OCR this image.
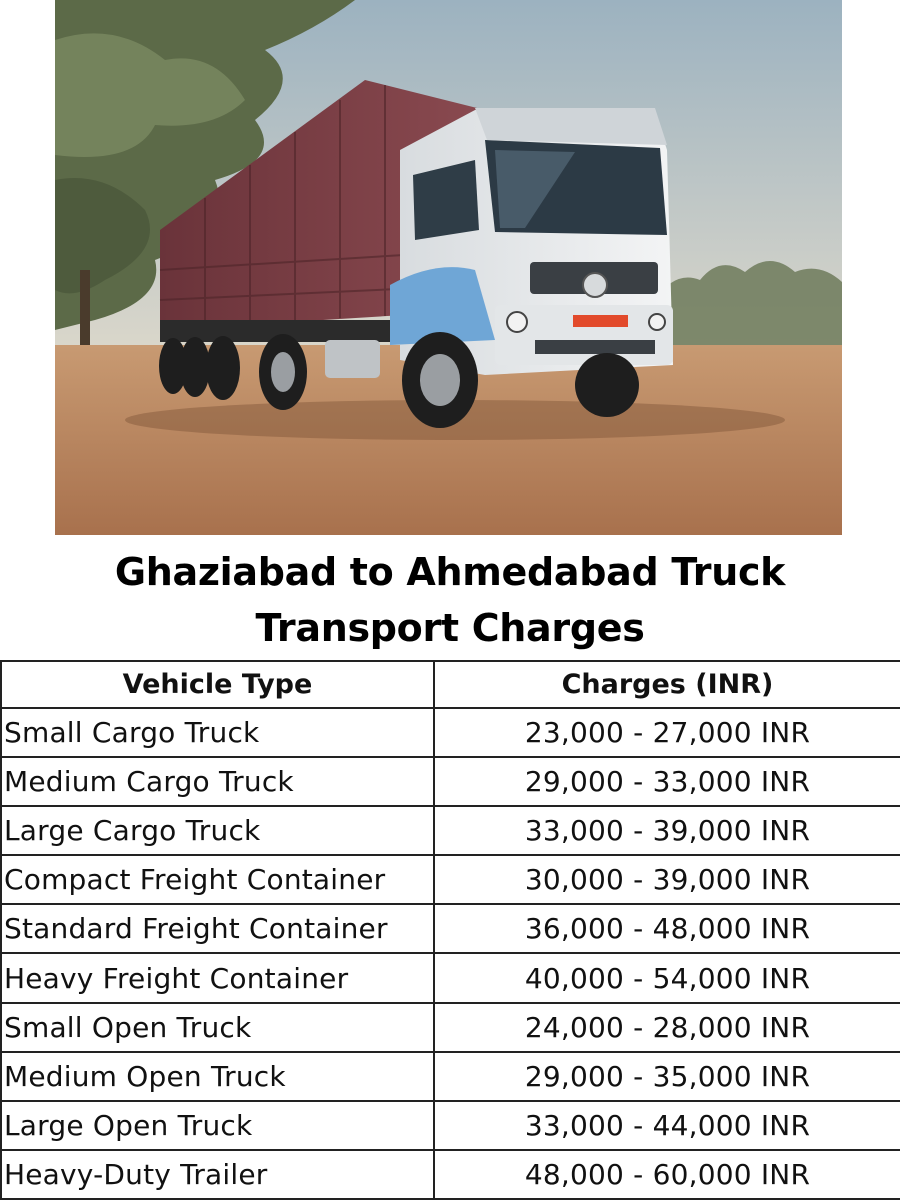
Ghaziabad to Ahmedabad Truck
Transport Charges
Vehicle Type	Charges (INR)
Small Cargo Truck	23,000 - 27,000 INR
Medium Cargo Truck	29,000 - 33,000 INR
Large Cargo Truck	33,000 - 39,000 INR
Compact Freight Container	30,000 - 39,000 INR
Standard Freight Container	36,000 - 48,000 INR
Heavy Freight Container	40,000 - 54,000 INR
Small Open Truck	24,000 - 28,000 INR
Medium Open Truck	29,000 - 35,000 INR
Large Open Truck	33,000 - 44,000 INR
Heavy-Duty Trailer	48,000 - 60,000 INR
